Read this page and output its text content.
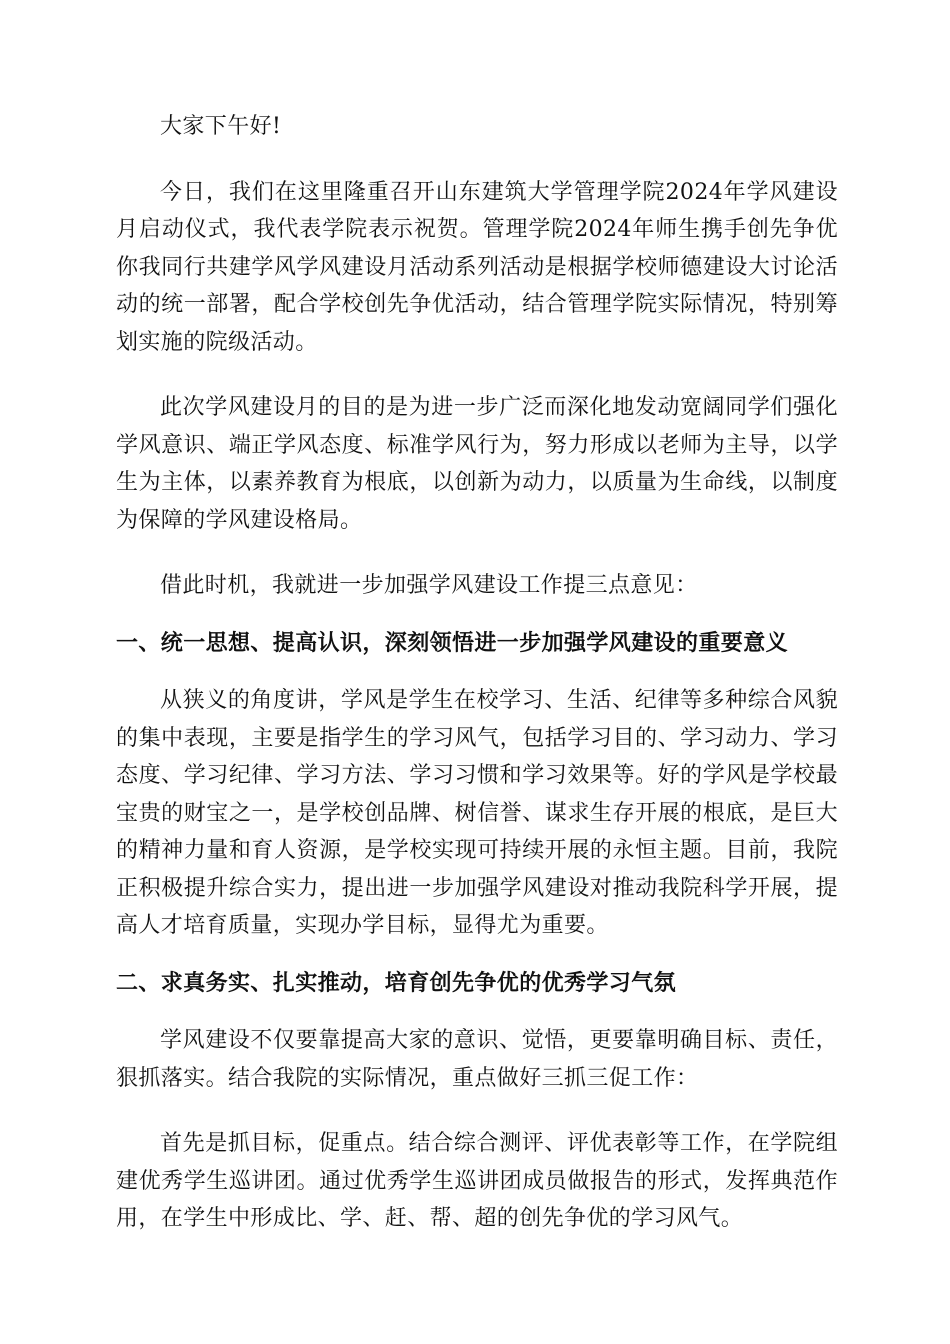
大家下午好!

今日，我们在这里隆重召开山东建筑大学管理学院2024年学风建设月启动仪式，我代表学院表示祝贺。管理学院2024年师生携手创先争优你我同行共建学风学风建设月活动系列活动是根据学校师德建设大讨论活动的统一部署，配合学校创先争优活动，结合管理学院实际情况，特别筹划实施的院级活动。

此次学风建设月的目的是为进一步广泛而深化地发动宽阔同学们强化学风意识、端正学风态度、标准学风行为，努力形成以老师为主导，以学生为主体，以素养教育为根底，以创新为动力，以质量为生命线，以制度为保障的学风建设格局。

借此时机，我就进一步加强学风建设工作提三点意见：

一、统一思想、提高认识，深刻领悟进一步加强学风建设的重要意义

从狭义的角度讲，学风是学生在校学习、生活、纪律等多种综合风貌的集中表现，主要是指学生的学习风气，包括学习目的、学习动力、学习态度、学习纪律、学习方法、学习习惯和学习效果等。好的学风是学校最宝贵的财宝之一，是学校创品牌、树信誉、谋求生存开展的根底，是巨大的精神力量和育人资源，是学校实现可持续开展的永恒主题。目前，我院正积极提升综合实力，提出进一步加强学风建设对推动我院科学开展，提高人才培育质量，实现办学目标，显得尤为重要。

二、求真务实、扎实推动，培育创先争优的优秀学习气氛

学风建设不仅要靠提高大家的意识、觉悟，更要靠明确目标、责任，狠抓落实。结合我院的实际情况，重点做好三抓三促工作：

首先是抓目标，促重点。结合综合测评、评优表彰等工作，在学院组建优秀学生巡讲团。通过优秀学生巡讲团成员做报告的形式，发挥典范作用，在学生中形成比、学、赶、帮、超的创先争优的学习风气。
